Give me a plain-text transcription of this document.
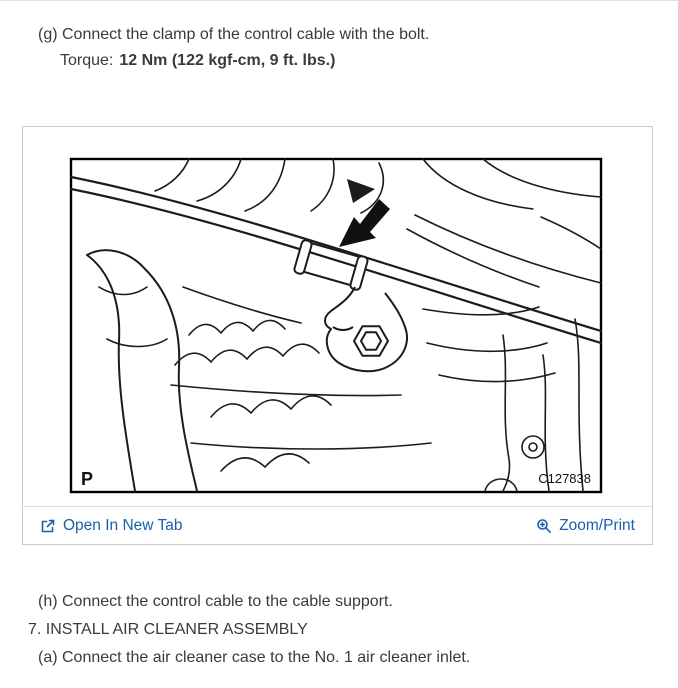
(g) Connect the clamp of the control cable with the bolt.
Torque: 12 Nm (122 kgf-cm, 9 ft. lbs.)
P	C127838
Open In New Tab	Zoom/Print
(h) Connect the control cable to the cable support.
7. INSTALL AIR CLEANER ASSEMBLY
(a) Connect the air cleaner case to the No. 1 air cleaner inlet.
